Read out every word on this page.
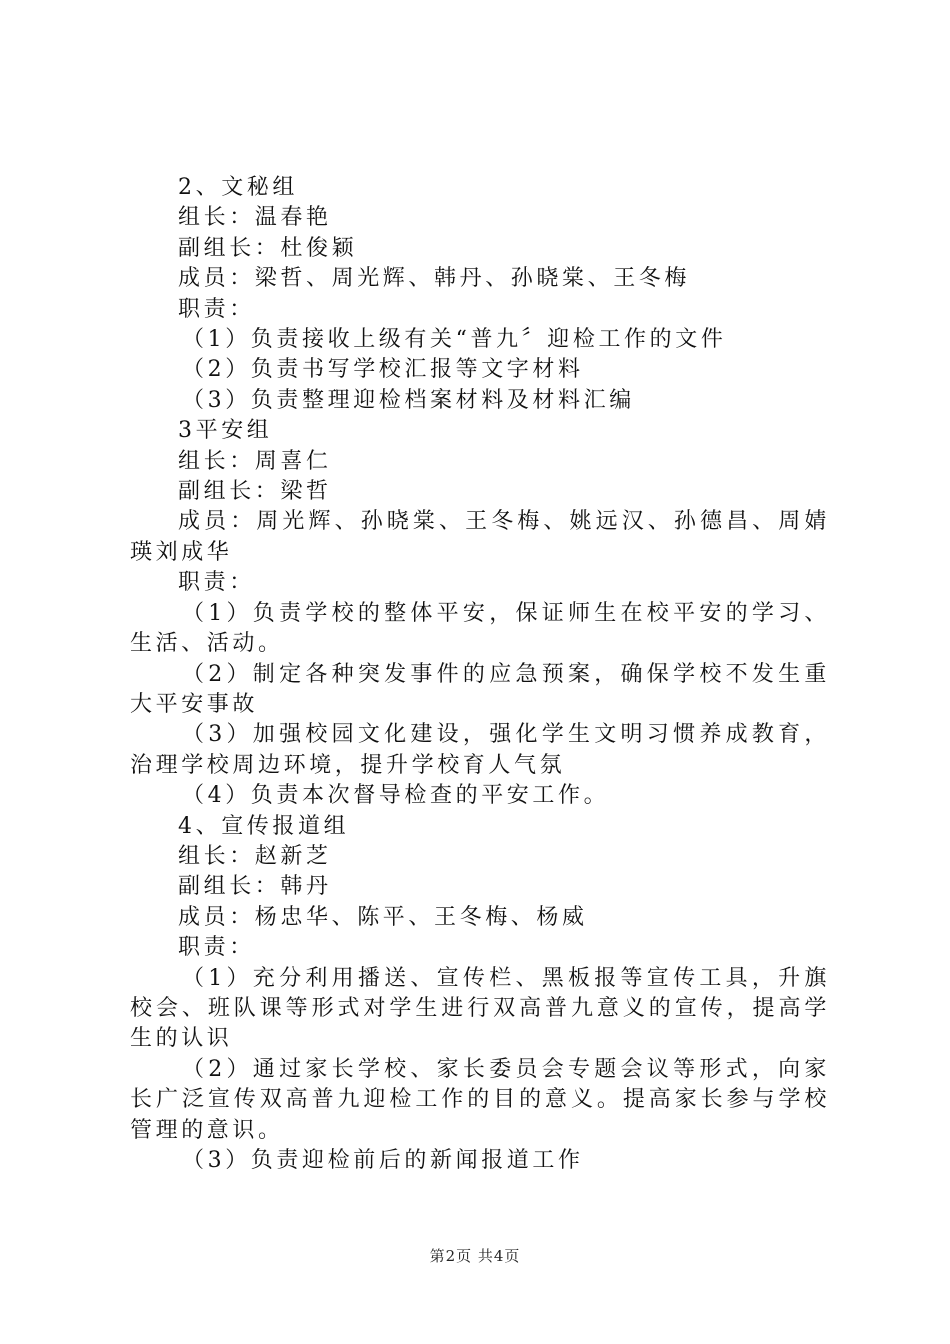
2、文秘组

组长：温春艳

副组长：杜俊颖

成员：梁哲、周光辉、韩丹、孙晓棠、王冬梅

职责：

（1）负责接收上级有关“普九〞迎检工作的文件

（2）负责书写学校汇报等文字材料

（3）负责整理迎检档案材料及材料汇编

3平安组

组长：周喜仁

副组长：梁哲

成员：周光辉、孙晓棠、王冬梅、姚远汉、孙德昌、周婧瑛刘成华

职责：

（1）负责学校的整体平安，保证师生在校平安的学习、生活、活动。

（2）制定各种突发事件的应急预案，确保学校不发生重大平安事故

（3）加强校园文化建设，强化学生文明习惯养成教育，治理学校周边环境，提升学校育人气氛

（4）负责本次督导检查的平安工作。

4、宣传报道组

组长：赵新芝

副组长：韩丹

成员：杨忠华、陈平、王冬梅、杨威

职责：

（1）充分利用播送、宣传栏、黑板报等宣传工具，升旗校会、班队课等形式对学生进行双高普九意义的宣传，提高学生的认识

（2）通过家长学校、家长委员会专题会议等形式，向家长广泛宣传双高普九迎检工作的目的意义。提高家长参与学校管理的意识。

（3）负责迎检前后的新闻报道工作

第2页 共4页
